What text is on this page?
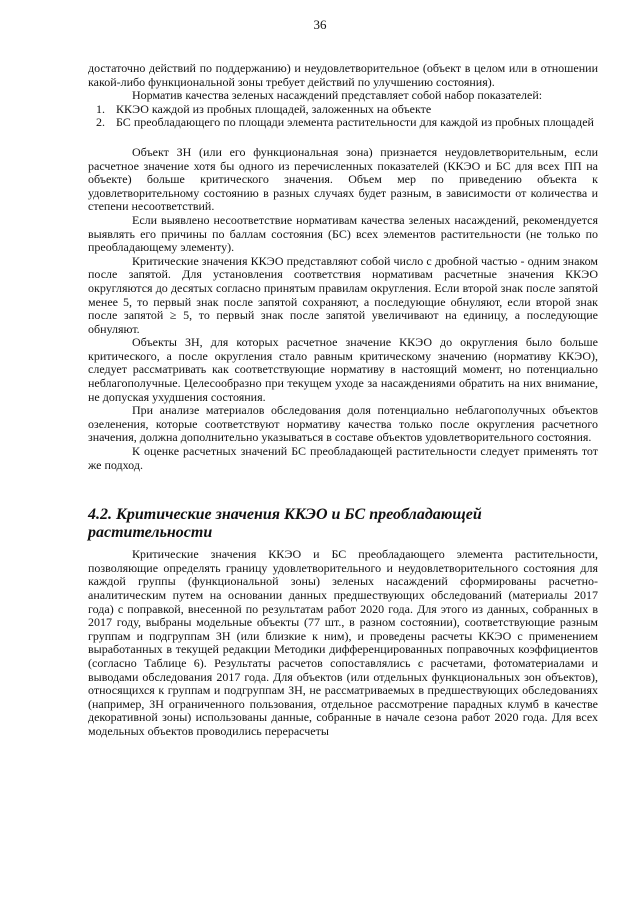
36

достаточно действий по поддержанию) и неудовлетворительное (объект в целом или в отношении какой-либо функциональной зоны требует действий по улучшению состояния).

Норматив качества зеленых насаждений представляет собой набор показателей:

1. ККЭО каждой из пробных площадей, заложенных на объекте
2. БС преобладающего по площади элемента растительности для каждой из пробных площадей

Объект ЗН (или его функциональная зона) признается неудовлетворительным, если расчетное значение хотя бы одного из перечисленных показателей (ККЭО и БС для всех ПП на объекте) больше критического значения. Объем мер по приведению объекта к удовлетворительному состоянию в разных случаях будет разным, в зависимости от количества и степени несоответствий.

Если выявлено несоответствие нормативам качества зеленых насаждений, рекомендуется выявлять его причины по баллам состояния (БС) всех элементов растительности (не только по преобладающему элементу).

Критические значения ККЭО представляют собой число с дробной частью - одним знаком после запятой. Для установления соответствия нормативам расчетные значения ККЭО округляются до десятых согласно принятым правилам округления. Если второй знак после запятой менее 5, то первый знак после запятой сохраняют, а последующие обнуляют, если второй знак после запятой ≥ 5, то первый знак после запятой увеличивают на единицу, а последующие обнуляют.

Объекты ЗН, для которых расчетное значение ККЭО до округления было больше критического, а после округления стало равным критическому значению (нормативу ККЭО), следует рассматривать как соответствующие нормативу в настоящий момент, но потенциально неблагополучные. Целесообразно при текущем уходе за насаждениями обратить на них внимание, не допуская ухудшения состояния.

При анализе материалов обследования доля потенциально неблагополучных объектов озеленения, которые соответствуют нормативу качества только после округления расчетного значения, должна дополнительно указываться в составе объектов удовлетворительного состояния.

К оценке расчетных значений БС преобладающей растительности следует применять тот же подход.

4.2. Критические значения ККЭО и БС преобладающей растительности

Критические значения ККЭО и БС преобладающего элемента растительности, позволяющие определять границу удовлетворительного и неудовлетворительного состояния для каждой группы (функциональной зоны) зеленых насаждений сформированы расчетно-аналитическим путем на основании данных предшествующих обследований (материалы 2017 года) с поправкой, внесенной по результатам работ 2020 года. Для этого из данных, собранных в 2017 году, выбраны модельные объекты (77 шт., в разном состоянии), соответствующие разным группам и подгруппам ЗН (или близкие к ним), и проведены расчеты ККЭО с применением выработанных в текущей редакции Методики дифференцированных поправочных коэффициентов (согласно Таблице 6). Результаты расчетов сопоставлялись с расчетами, фотоматериалами и выводами обследования 2017 года. Для объектов (или отдельных функциональных зон объектов), относящихся к группам и подгруппам ЗН, не рассматриваемых в предшествующих обследованиях (например, ЗН ограниченного пользования, отдельное рассмотрение парадных клумб в качестве декоративной зоны) использованы данные, собранные в начале сезона работ 2020 года. Для всех модельных объектов проводились перерасчеты
